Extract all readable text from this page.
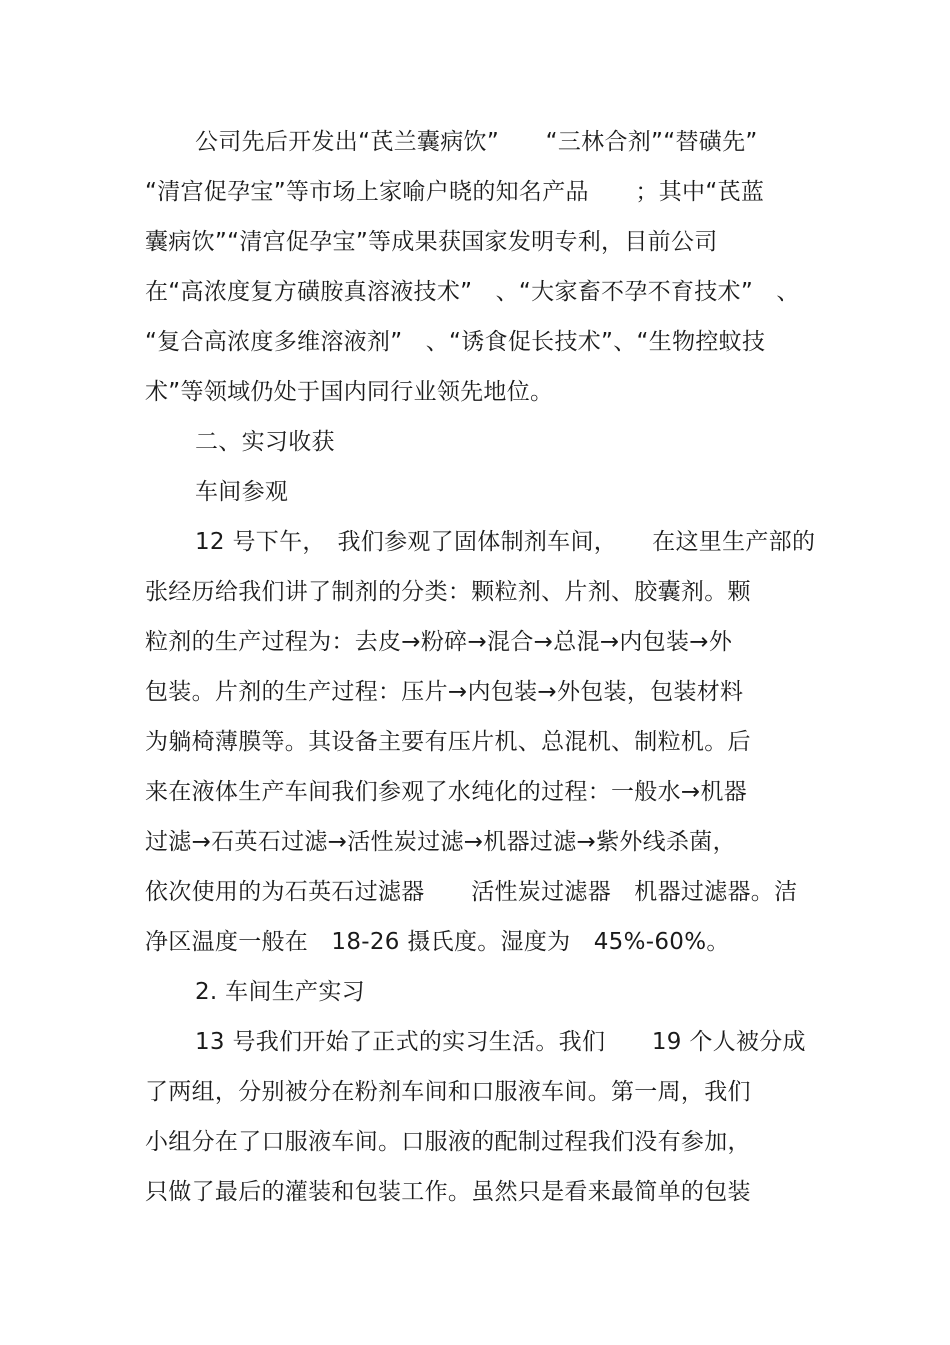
公司先后开发出“芪兰囊病饮”　　“三林合剂”“替磺先”
“清宫促孕宝”等市场上家喻户晓的知名产品　　；其中“芪蓝
囊病饮”“清宫促孕宝”等成果获国家发明专利，目前公司
在“高浓度复方磺胺真溶液技术”　、“大家畜不孕不育技术”　、
“复合高浓度多维溶液剂”　、“诱食促长技术”、“生物控蚊技
术”等领域仍处于国内同行业领先地位。
二、实习收获
车间参观
12 号下午，　我们参观了固体制剂车间，　　在这里生产部的
张经历给我们讲了制剂的分类：颗粒剂、片剂、胶囊剂。颗
粒剂的生产过程为：去皮→粉碎→混合→总混→内包装→外
包装。片剂的生产过程：压片→内包装→外包装，包装材料
为躺椅薄膜等。其设备主要有压片机、总混机、制粒机。后
来在液体生产车间我们参观了水纯化的过程：一般水→机器
过滤→石英石过滤→活性炭过滤→机器过滤→紫外线杀菌，
依次使用的为石英石过滤器　　活性炭过滤器　机器过滤器。洁
净区温度一般在　18-26 摄氏度。湿度为　45%-60%。
2. 车间生产实习
13 号我们开始了正式的实习生活。我们　　19 个人被分成
了两组，分别被分在粉剂车间和口服液车间。第一周，我们
小组分在了口服液车间。口服液的配制过程我们没有参加，
只做了最后的灌装和包装工作。虽然只是看来最简单的包装
